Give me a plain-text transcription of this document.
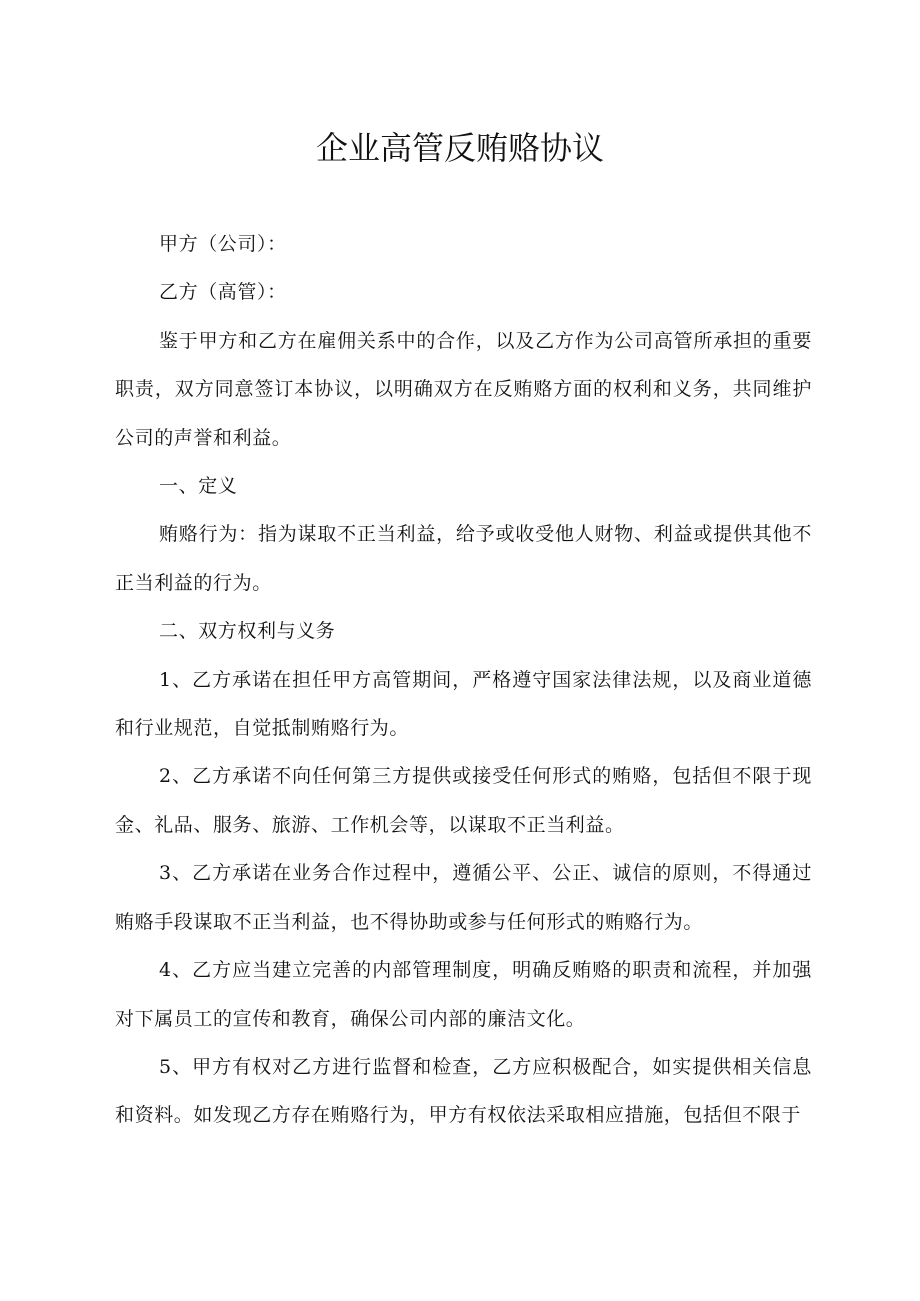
企业高管反贿赂协议

甲方（公司）：

乙方（高管）：

鉴于甲方和乙方在雇佣关系中的合作，以及乙方作为公司高管所承担的重要职责，双方同意签订本协议，以明确双方在反贿赂方面的权利和义务，共同维护公司的声誉和利益。

一、定义

贿赂行为：指为谋取不正当利益，给予或收受他人财物、利益或提供其他不正当利益的行为。

二、双方权利与义务

1、乙方承诺在担任甲方高管期间，严格遵守国家法律法规，以及商业道德和行业规范，自觉抵制贿赂行为。

2、乙方承诺不向任何第三方提供或接受任何形式的贿赂，包括但不限于现金、礼品、服务、旅游、工作机会等，以谋取不正当利益。

3、乙方承诺在业务合作过程中，遵循公平、公正、诚信的原则，不得通过贿赂手段谋取不正当利益，也不得协助或参与任何形式的贿赂行为。

4、乙方应当建立完善的内部管理制度，明确反贿赂的职责和流程，并加强对下属员工的宣传和教育，确保公司内部的廉洁文化。

5、甲方有权对乙方进行监督和检查，乙方应积极配合，如实提供相关信息和资料。如发现乙方存在贿赂行为，甲方有权依法采取相应措施，包括但不限于
